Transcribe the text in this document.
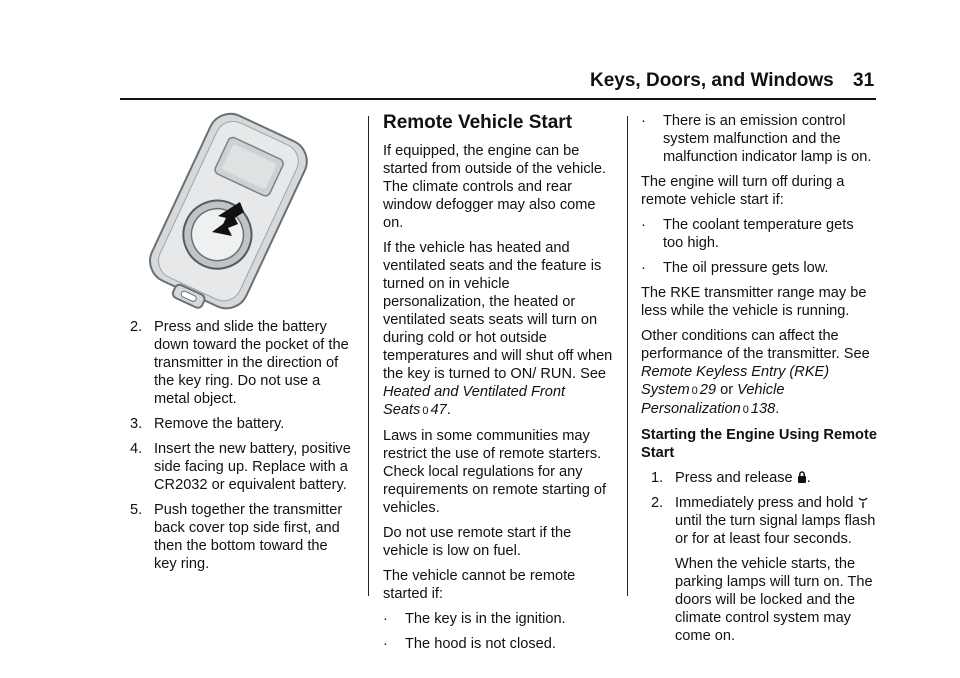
Keys, Doors, and Windows 31

2. Press and slide the battery down toward the pocket of the transmitter in the direction of the key ring. Do not use a metal object.

3. Remove the battery.

4. Insert the new battery, positive side facing up. Replace with a CR2032 or equivalent battery.

5. Push together the transmitter back cover top side first, and then the bottom toward the key ring.

Remote Vehicle Start

If equipped, the engine can be started from outside of the vehicle. The climate controls and rear window defogger may also come on.

If the vehicle has heated and ventilated seats and the feature is turned on in vehicle personalization, the heated or ventilated seats seats will turn on during cold or hot outside temperatures and will shut off when the key is turned to ON/ RUN. See Heated and Ventilated Front Seats 0 47.

Laws in some communities may restrict the use of remote starters. Check local regulations for any requirements on remote starting of vehicles.

Do not use remote start if the vehicle is low on fuel.

The vehicle cannot be remote started if:

· The key is in the ignition.

· The hood is not closed.

· There is an emission control system malfunction and the malfunction indicator lamp is on.

The engine will turn off during a remote vehicle start if:

· The coolant temperature gets too high.

· The oil pressure gets low.

The RKE transmitter range may be less while the vehicle is running.

Other conditions can affect the performance of the transmitter. See Remote Keyless Entry (RKE) System 0 29 or Vehicle Personalization 0 138.

Starting the Engine Using Remote Start

1. Press and release .

2. Immediately press and hold  until the turn signal lamps flash or for at least four seconds.

When the vehicle starts, the parking lamps will turn on. The doors will be locked and the climate control system may come on.
